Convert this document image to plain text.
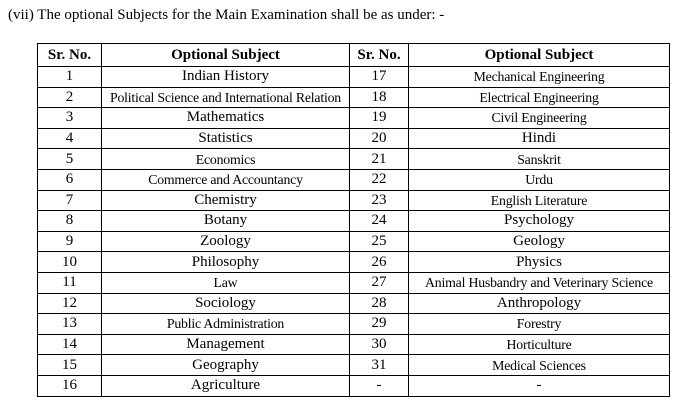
(vii) The optional Subjects for the Main Examination shall be as under: -
Sr. No.	Optional Subject	Sr. No.	Optional Subject
1	Indian History	17	Mechanical Engineering
2	Political Science and International Relation	18	Electrical Engineering
3	Mathematics	19	Civil Engineering
4	Statistics	20	Hindi
5	Economics	21	Sanskrit
6	Commerce and Accountancy	22	Urdu
7	Chemistry	23	English Literature
8	Botany	24	Psychology
9	Zoology	25	Geology
10	Philosophy	26	Physics
11	Law	27	Animal Husbandry and Veterinary Science
12	Sociology	28	Anthropology
13	Public Administration	29	Forestry
14	Management	30	Horticulture
15	Geography	31	Medical Sciences
16	Agriculture	-	-
